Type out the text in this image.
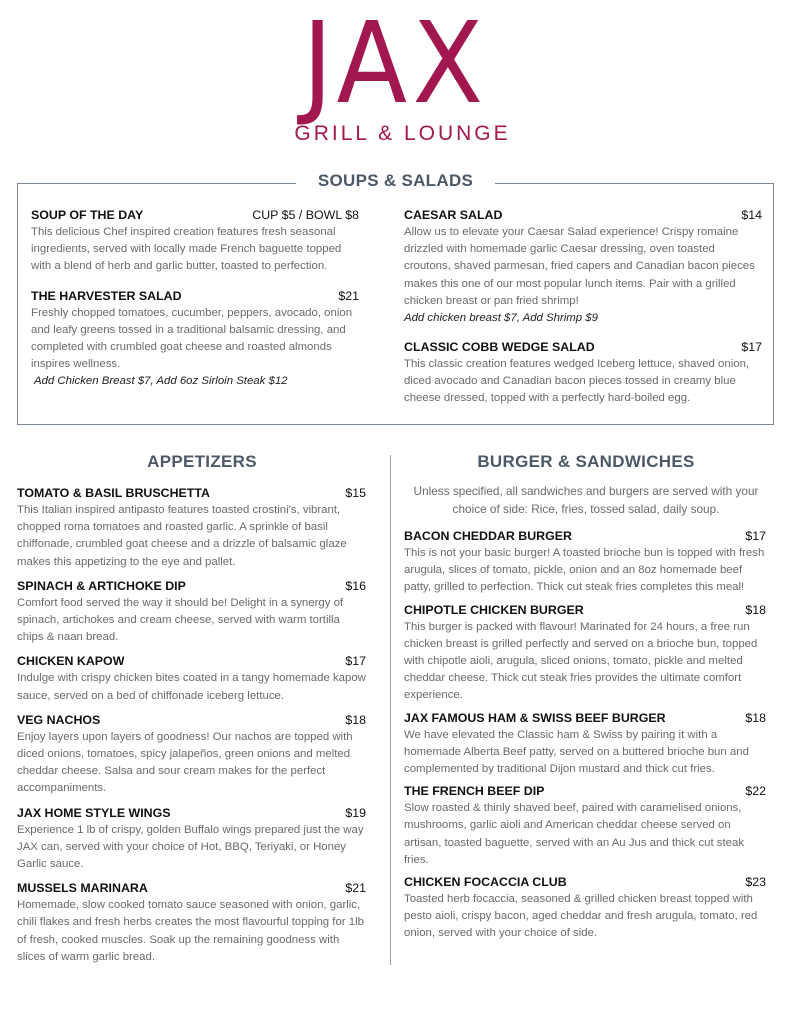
JAX
GRILL & LOUNGE
SOUPS & SALADS
SOUP OF THE DAY	CUP $5 / BOWL $8
This delicious Chef inspired creation features fresh seasonal ingredients, served with locally made French baguette topped with a blend of herb and garlic butter, toasted to perfection.
THE HARVESTER SALAD	$21
Freshly chopped tomatoes, cucumber, peppers, avocado, onion and leafy greens tossed in a traditional balsamic dressing, and completed with crumbled goat cheese and roasted almonds inspires wellness.
Add Chicken Breast $7, Add 6oz Sirloin Steak $12
CAESAR SALAD	$14
Allow us to elevate your Caesar Salad experience! Crispy romaine drizzled with homemade garlic Caesar dressing, oven toasted croutons, shaved parmesan, fried capers and Canadian bacon pieces makes this one of our most popular lunch items. Pair with a grilled chicken breast or pan fried shrimp!
Add chicken breast $7, Add Shrimp $9
CLASSIC COBB WEDGE SALAD	$17
This classic creation features wedged Iceberg lettuce, shaved onion, diced avocado and Canadian bacon pieces tossed in creamy blue cheese dressed, topped with a perfectly hard-boiled egg.
APPETIZERS
TOMATO & BASIL BRUSCHETTA	$15
This Italian inspired antipasto features toasted crostini's, vibrant, chopped roma tomatoes and roasted garlic. A sprinkle of basil chiffonade, crumbled goat cheese and a drizzle of balsamic glaze makes this appetizing to the eye and pallet.
SPINACH & ARTICHOKE DIP	$16
Comfort food served the way it should be! Delight in a synergy of spinach, artichokes and cream cheese, served with warm tortilla chips & naan bread.
CHICKEN KAPOW	$17
Indulge with crispy chicken bites coated in a tangy homemade kapow sauce, served on a bed of chiffonade iceberg lettuce.
VEG NACHOS	$18
Enjoy layers upon layers of goodness! Our nachos are topped with diced onions, tomatoes, spicy jalapeños, green onions and melted cheddar cheese. Salsa and sour cream makes for the perfect accompaniments.
JAX HOME STYLE WINGS	$19
Experience 1 lb of crispy, golden Buffalo wings prepared just the way JAX can, served with your choice of Hot, BBQ, Teriyaki, or Honey Garlic sauce.
MUSSELS MARINARA	$21
Homemade, slow cooked tomato sauce seasoned with onion, garlic, chili flakes and fresh herbs creates the most flavourful topping for 1lb of fresh, cooked muscles. Soak up the remaining goodness with slices of warm garlic bread.
BURGER & SANDWICHES
Unless specified, all sandwiches and burgers are served with your choice of side: Rice, fries, tossed salad, daily soup.
BACON CHEDDAR BURGER	$17
This is not your basic burger! A toasted brioche bun is topped with fresh arugula, slices of tomato, pickle, onion and an 8oz homemade beef patty, grilled to perfection. Thick cut steak fries completes this meal!
CHIPOTLE CHICKEN BURGER	$18
This burger is packed with flavour! Marinated for 24 hours, a free run chicken breast is grilled perfectly and served on a brioche bun, topped with chipotle aioli, arugula, sliced onions, tomato, pickle and melted cheddar cheese. Thick cut steak fries provides the ultimate comfort experience.
JAX FAMOUS HAM & SWISS BEEF BURGER	$18
We have elevated the Classic ham & Swiss by pairing it with a homemade Alberta Beef patty, served on a buttered brioche bun and complemented by traditional Dijon mustard and thick cut fries.
THE FRENCH BEEF DIP	$22
Slow roasted & thinly shaved beef, paired with caramelised onions, mushrooms, garlic aioli and American cheddar cheese served on artisan, toasted baguette, served with an Au Jus and thick cut steak fries.
CHICKEN FOCACCIA CLUB	$23
Toasted herb focaccia, seasoned & grilled chicken breast topped with pesto aioli, crispy bacon, aged cheddar and fresh arugula, tomato, red onion, served with your choice of side.
